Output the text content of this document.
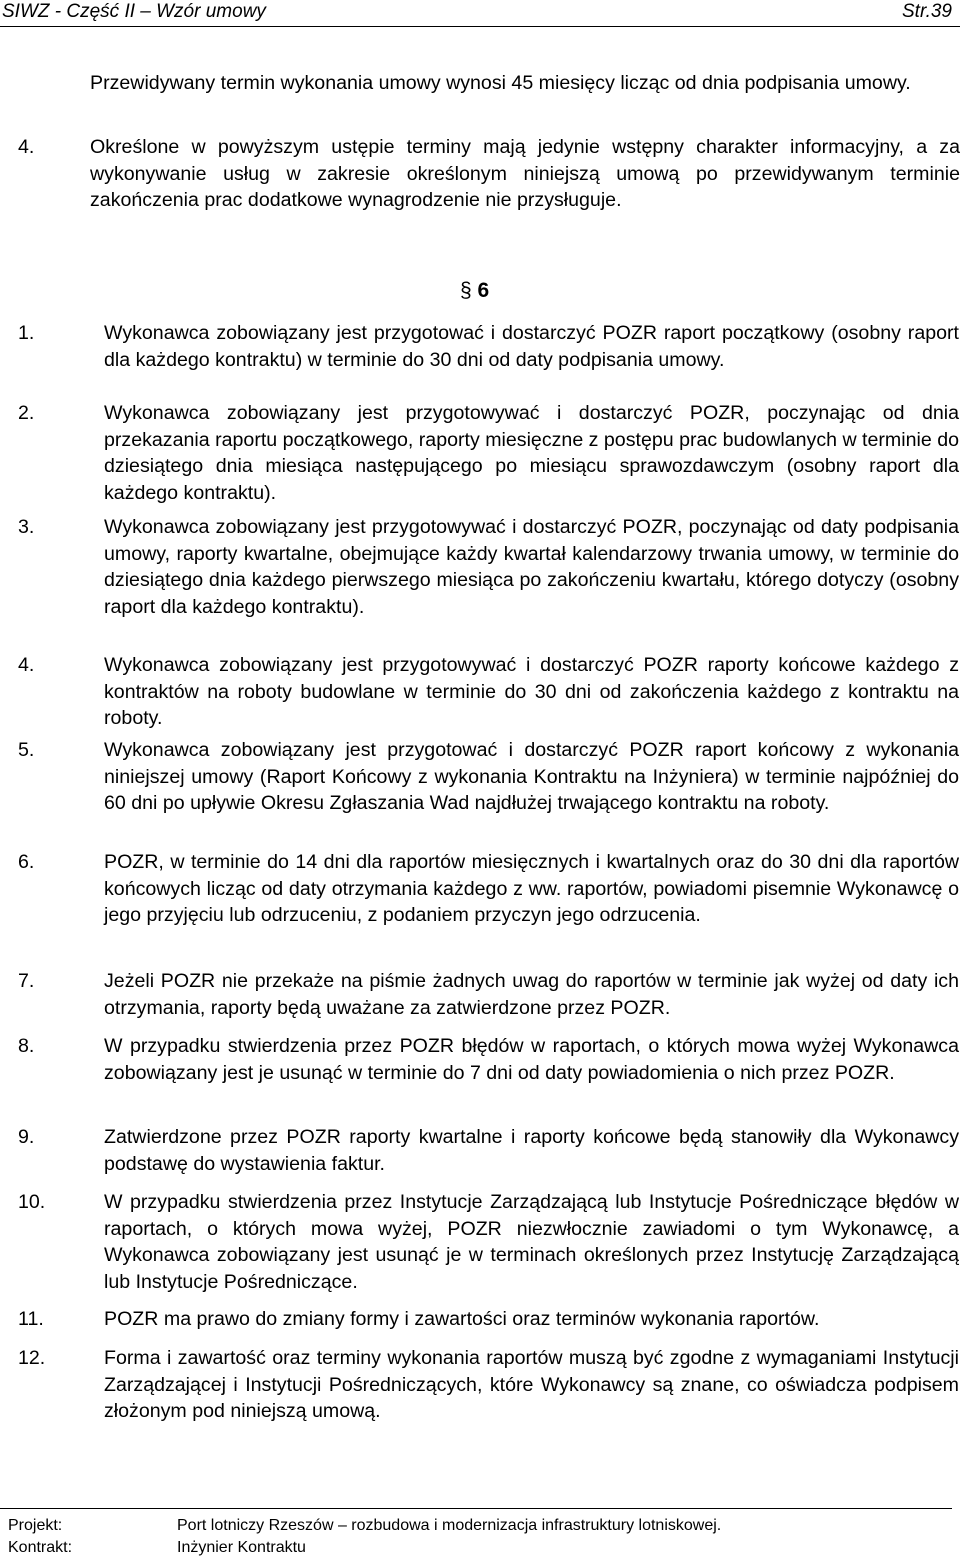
SIWZ - Część II – Wzór umowy	Str.39
Przewidywany termin wykonania umowy wynosi 45 miesięcy licząc od dnia podpisania umowy.
4.	Określone w powyższym ustępie terminy mają jedynie wstępny charakter informacyjny, a za wykonywanie usług w zakresie określonym niniejszą umową po przewidywanym terminie zakończenia prac dodatkowe wynagrodzenie nie przysługuje.
§ 6
1.	Wykonawca zobowiązany jest przygotować i dostarczyć POZR raport początkowy (osobny raport dla każdego kontraktu) w terminie do 30 dni od daty podpisania umowy.
2.	Wykonawca zobowiązany jest przygotowywać i dostarczyć POZR, poczynając od dnia przekazania raportu początkowego, raporty miesięczne z postępu prac budowlanych w terminie do dziesiątego dnia miesiąca następującego po miesiącu sprawozdawczym (osobny raport dla każdego kontraktu).
3.	Wykonawca zobowiązany jest przygotowywać i dostarczyć POZR, poczynając od daty podpisania umowy, raporty kwartalne, obejmujące każdy kwartał kalendarzowy trwania umowy, w terminie do dziesiątego dnia każdego pierwszego miesiąca po zakończeniu kwartału, którego dotyczy (osobny raport dla każdego kontraktu).
4.	Wykonawca zobowiązany jest przygotowywać i dostarczyć POZR raporty końcowe każdego z kontraktów na roboty budowlane w terminie do 30 dni od zakończenia każdego z kontraktu na roboty.
5.	Wykonawca zobowiązany jest przygotować i dostarczyć POZR raport końcowy z wykonania niniejszej umowy (Raport Końcowy z wykonania Kontraktu na Inżyniera) w terminie najpóźniej do 60 dni po upływie Okresu Zgłaszania Wad najdłużej trwającego kontraktu na roboty.
6.	POZR, w terminie do 14 dni dla raportów miesięcznych i kwartalnych oraz do 30 dni dla raportów końcowych licząc od daty otrzymania każdego z ww. raportów, powiadomi pisemnie Wykonawcę o jego przyjęciu lub odrzuceniu, z podaniem przyczyn jego odrzucenia.
7.	Jeżeli POZR nie przekaże na piśmie żadnych uwag do raportów w terminie jak wyżej od daty ich otrzymania, raporty będą uważane za zatwierdzone przez POZR.
8.	W przypadku stwierdzenia przez POZR błędów w raportach, o których mowa wyżej Wykonawca zobowiązany jest je usunąć w terminie do 7 dni od daty powiadomienia o nich przez POZR.
9.	Zatwierdzone przez POZR raporty kwartalne i raporty końcowe będą stanowiły dla Wykonawcy podstawę do wystawienia faktur.
10.	W przypadku stwierdzenia przez Instytucje Zarządzającą lub Instytucje Pośredniczące błędów w raportach, o których mowa wyżej, POZR niezwłocznie zawiadomi o tym Wykonawcę, a Wykonawca zobowiązany jest usunąć je w terminach określonych przez Instytucję Zarządzającą lub Instytucje Pośredniczące.
11.	POZR ma prawo do zmiany formy i zawartości oraz terminów wykonania raportów.
12.	Forma i zawartość oraz terminy wykonania raportów muszą być zgodne z wymaganiami Instytucji Zarządzającej i Instytucji Pośredniczących, które Wykonawcy są znane, co oświadcza podpisem złożonym pod niniejszą umową.
Projekt:	Port lotniczy Rzeszów – rozbudowa i modernizacja infrastruktury lotniskowej.
Kontrakt:	Inżynier Kontraktu
